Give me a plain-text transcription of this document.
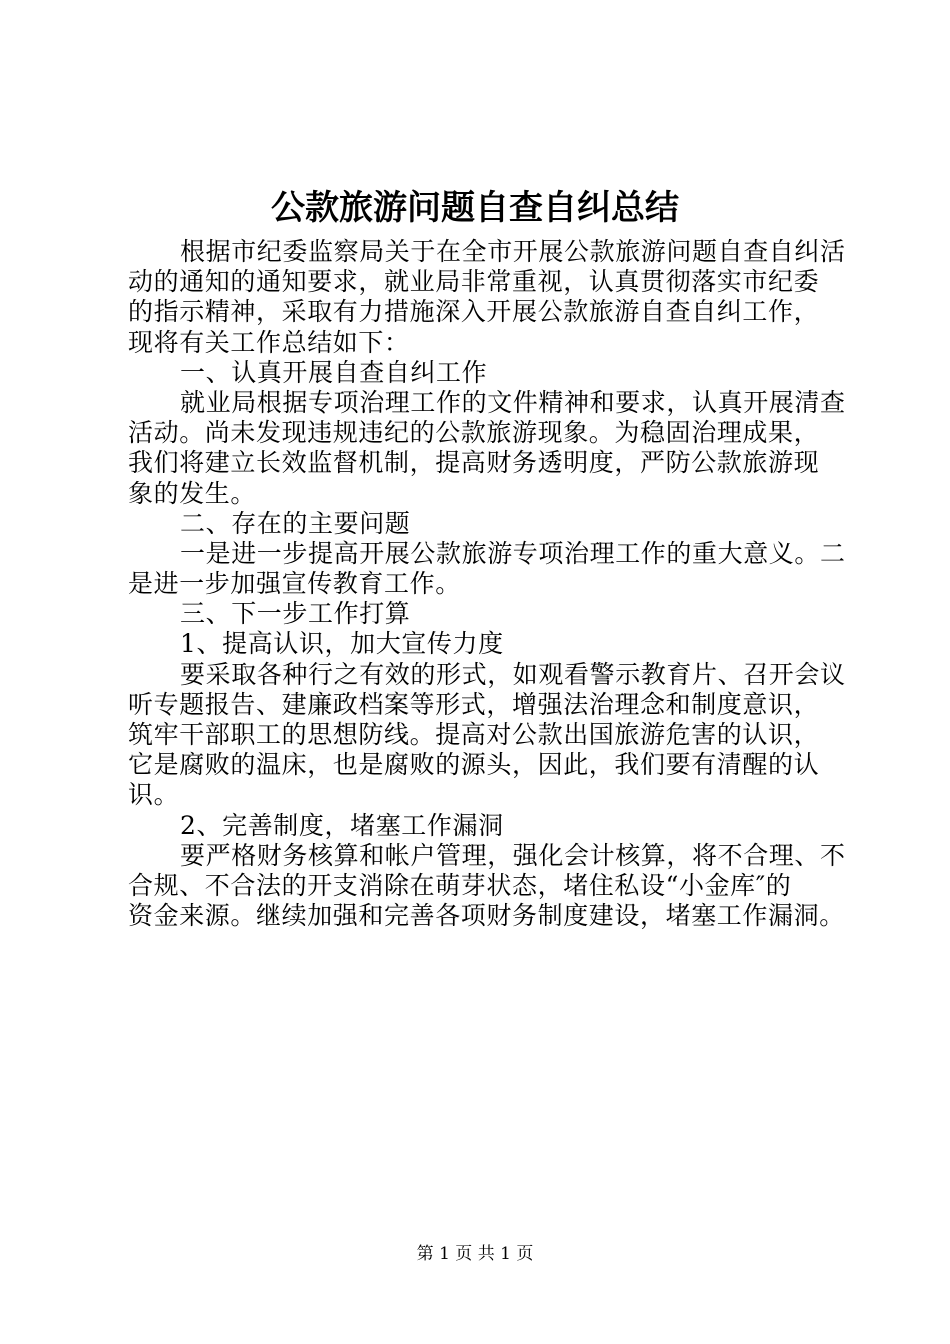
公款旅游问题自查自纠总结

根据市纪委监察局关于在全市开展公款旅游问题自查自纠活

动的通知的通知要求，就业局非常重视，认真贯彻落实市纪委

的指示精神，采取有力措施深入开展公款旅游自查自纠工作，

现将有关工作总结如下：

一、认真开展自查自纠工作

就业局根据专项治理工作的文件精神和要求，认真开展清查

活动。尚未发现违规违纪的公款旅游现象。为稳固治理成果，

我们将建立长效监督机制，提高财务透明度，严防公款旅游现

象的发生。

二、存在的主要问题

一是进一步提高开展公款旅游专项治理工作的重大意义。二

是进一步加强宣传教育工作。

三、下一步工作打算

1、提高认识，加大宣传力度

要采取各种行之有效的形式，如观看警示教育片、召开会议

听专题报告、建廉政档案等形式，增强法治理念和制度意识，

筑牢干部职工的思想防线。提高对公款出国旅游危害的认识，

它是腐败的温床，也是腐败的源头，因此，我们要有清醒的认

识。

2、完善制度，堵塞工作漏洞

要严格财务核算和帐户管理，强化会计核算，将不合理、不

合规、不合法的开支消除在萌芽状态，堵住私设“小金库″的

资金来源。继续加强和完善各项财务制度建设，堵塞工作漏洞。

第 1 页 共 1 页
